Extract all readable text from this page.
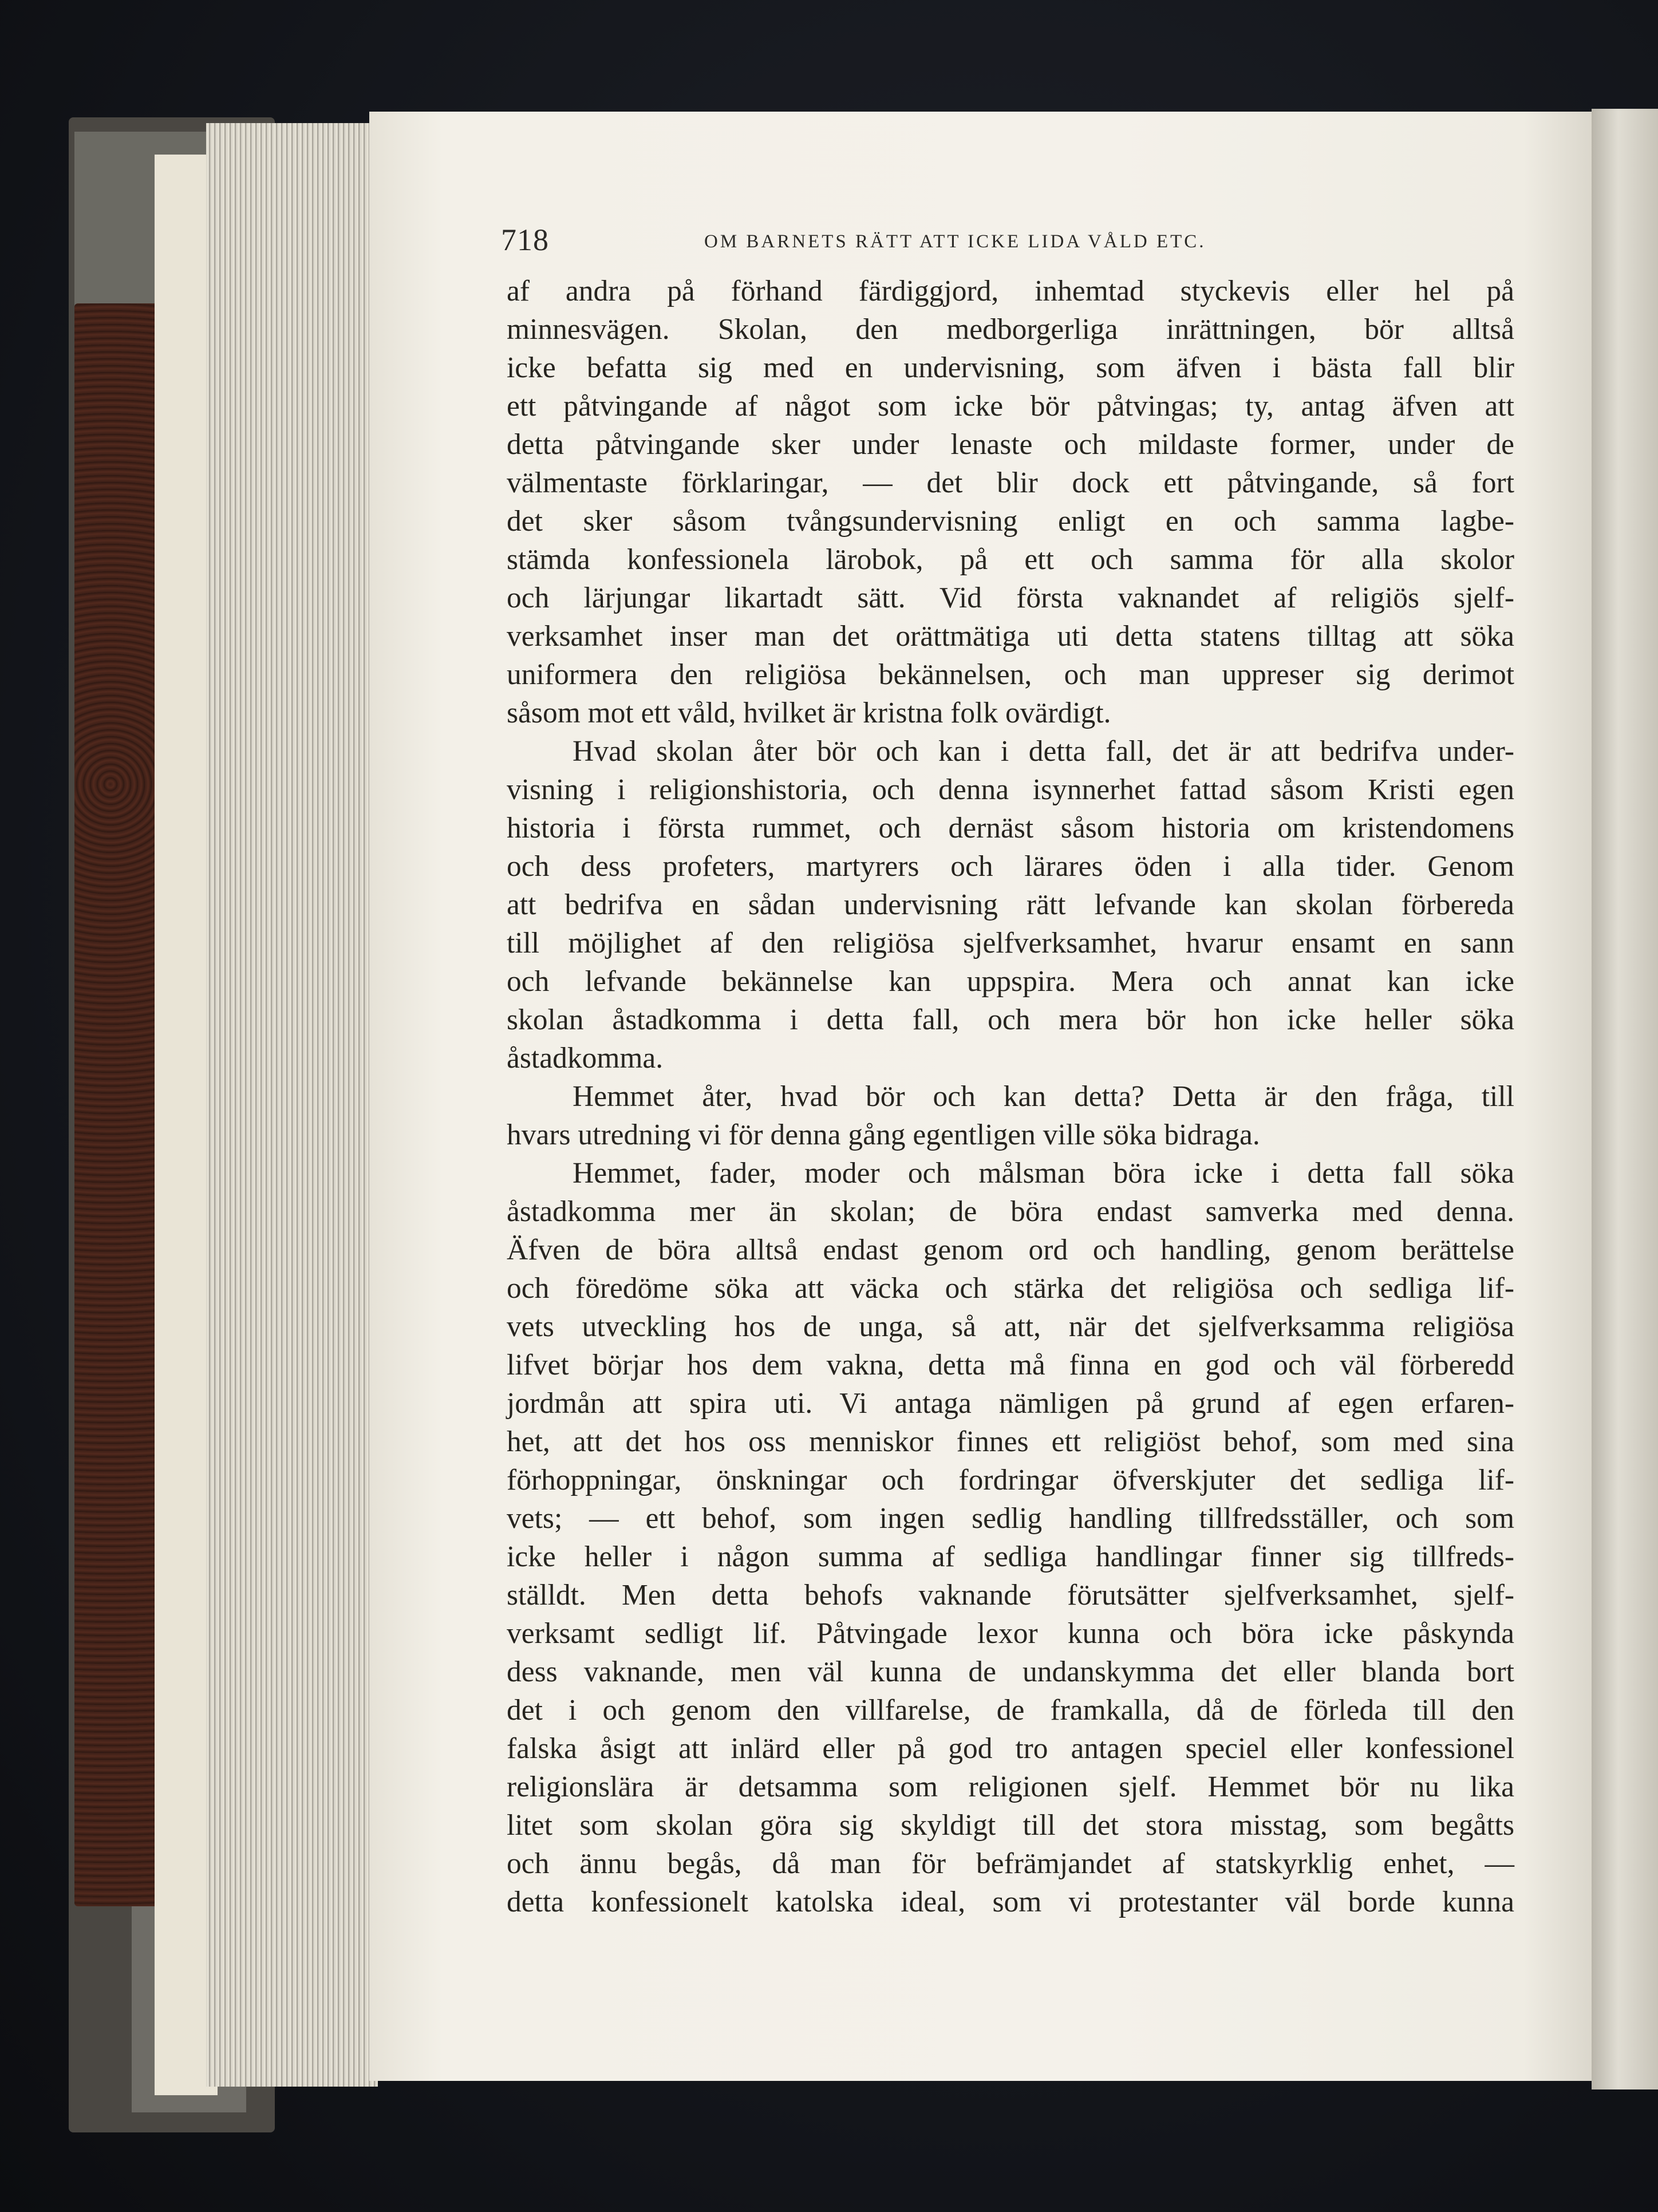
718	OM BARNETS RÄTT ATT ICKE LIDA VÅLD ETC.
af andra på förhand färdiggjord, inhemtad styckevis eller hel på
minnesvägen. Skolan, den medborgerliga inrättningen, bör alltså
icke befatta sig med en undervisning, som äfven i bästa fall blir
ett påtvingande af något som icke bör påtvingas; ty, antag äfven att
detta påtvingande sker under lenaste och mildaste former, under de
välmentaste förklaringar, — det blir dock ett påtvingande, så fort
det sker såsom tvångsundervisning enligt en och samma lagbe-
stämda konfessionela lärobok, på ett och samma för alla skolor
och lärjungar likartadt sätt. Vid första vaknandet af religiös sjelf-
verksamhet inser man det orättmätiga uti detta statens tilltag att söka
uniformera den religiösa bekännelsen, och man uppreser sig derimot
såsom mot ett våld, hvilket är kristna folk ovärdigt.
Hvad skolan åter bör och kan i detta fall, det är att bedrifva under-
visning i religionshistoria, och denna isynnerhet fattad såsom Kristi egen
historia i första rummet, och dernäst såsom historia om kristendomens
och dess profeters, martyrers och lärares öden i alla tider. Genom
att bedrifva en sådan undervisning rätt lefvande kan skolan förbereda
till möjlighet af den religiösa sjelfverksamhet, hvarur ensamt en sann
och lefvande bekännelse kan uppspira. Mera och annat kan icke
skolan åstadkomma i detta fall, och mera bör hon icke heller söka
åstadkomma.
Hemmet åter, hvad bör och kan detta? Detta är den fråga, till
hvars utredning vi för denna gång egentligen ville söka bidraga.
Hemmet, fader, moder och målsman böra icke i detta fall söka
åstadkomma mer än skolan; de böra endast samverka med denna.
Äfven de böra alltså endast genom ord och handling, genom berättelse
och föredöme söka att väcka och stärka det religiösa och sedliga lif-
vets utveckling hos de unga, så att, när det sjelfverksamma religiösa
lifvet börjar hos dem vakna, detta må finna en god och väl förberedd
jordmån att spira uti. Vi antaga nämligen på grund af egen erfaren-
het, att det hos oss menniskor finnes ett religiöst behof, som med sina
förhoppningar, önskningar och fordringar öfverskjuter det sedliga lif-
vets; — ett behof, som ingen sedlig handling tillfredsställer, och som
icke heller i någon summa af sedliga handlingar finner sig tillfreds-
ställdt. Men detta behofs vaknande förutsätter sjelfverksamhet, sjelf-
verksamt sedligt lif. Påtvingade lexor kunna och böra icke påskynda
dess vaknande, men väl kunna de undanskymma det eller blanda bort
det i och genom den villfarelse, de framkalla, då de förleda till den
falska åsigt att inlärd eller på god tro antagen speciel eller konfessionel
religionslära är detsamma som religionen sjelf. Hemmet bör nu lika
litet som skolan göra sig skyldigt till det stora misstag, som begåtts
och ännu begås, då man för befrämjandet af statskyrklig enhet, —
detta konfessionelt katolska ideal, som vi protestanter väl borde kunna
